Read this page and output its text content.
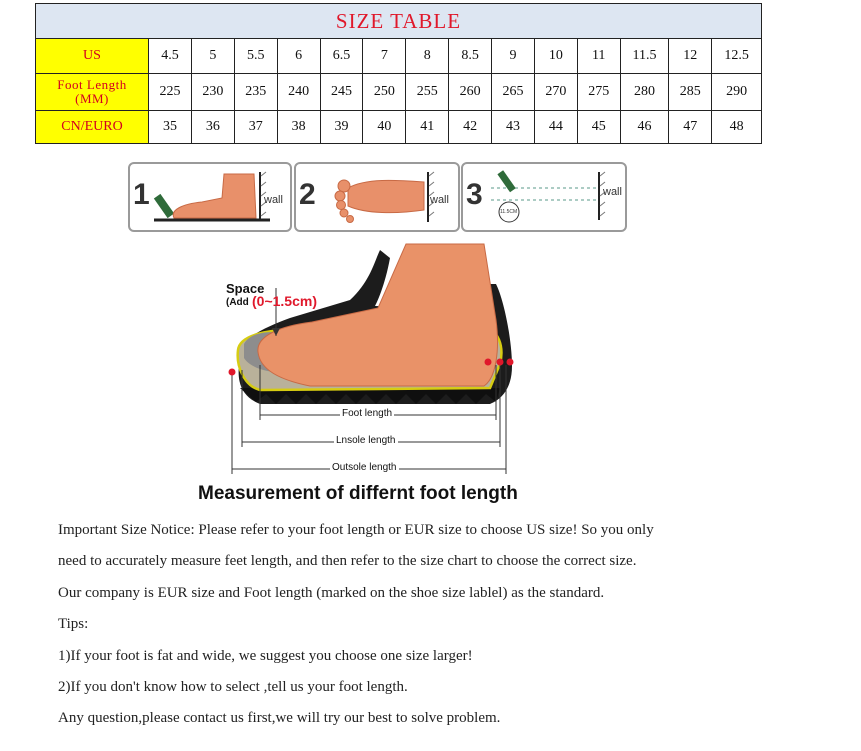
SIZE TABLE														
US	4.5	5	5.5	6	6.5	7	8	8.5	9	10	11	11.5	12	12.5
Foot Length
(MM)	225	230	235	240	245	250	255	260	265	270	275	280	285	290
CN/EURO	35	36	37	38	39	40	41	42	43	44	45	46	47	48
1	wall 2	wall 3	wall
11.5CM
Space
(Add (0~1.5cm)
Foot length
Lnsole length
Outsole length
Measurement of differnt foot length
Important Size Notice: Please refer to your foot length or EUR size to choose US size! So you only
need to accurately measure feet length, and then refer to the size chart to choose the correct size.
Our company is EUR size and Foot length (marked on the shoe size lablel) as the standard.
Tips:
1)If your foot is fat and wide, we suggest you choose one size larger!
2)If you don't know how to select ,tell us your foot length.
Any question,please contact us first,we will try our best to solve problem.
